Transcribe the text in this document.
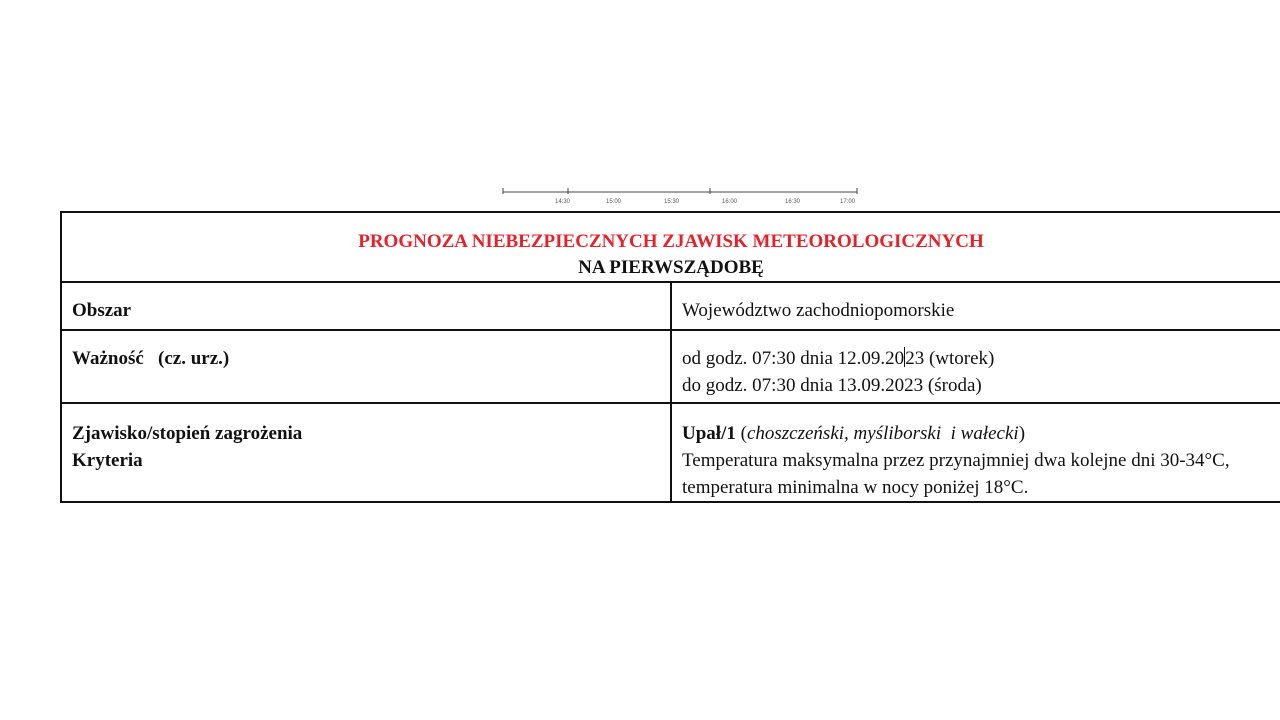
14:30	15:00	15:30	16:00	16:30	17:00
PROGNOZA NIEBEZPIECZNYCH ZJAWISK METEOROLOGICZNYCH
NA PIERWSZĄDOBĘ	

Obszar	Województwo zachodniopomorskie
Ważność   (cz. urz.)	od godz. 07:30 dnia 12.09.2023 (wtorek)
do godz. 07:30 dnia 13.09.2023 (środa)

Zjawisko/stopień zagrożenia
Kryteria	Upał/1 (choszczeński, myśliborski  i wałecki)
Temperatura maksymalna przez przynajmniej dwa kolejne dni 30-34°C, temperatura minimalna w nocy poniżej 18°C.
